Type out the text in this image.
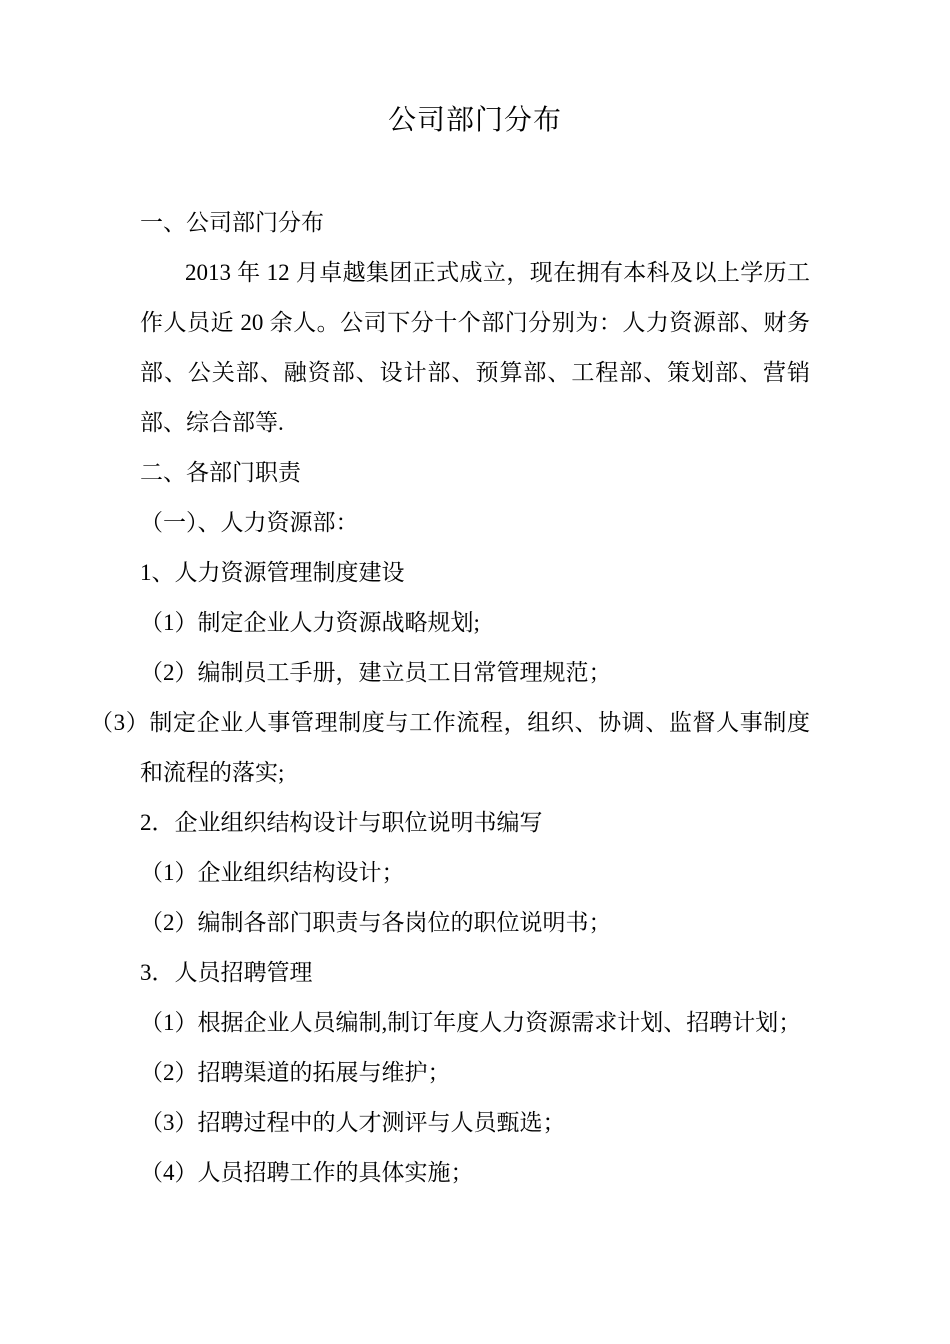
公司部门分布

一、公司部门分布

2013 年 12 月卓越集团正式成立，现在拥有本科及以上学历工作人员近 20 余人。公司下分十个部门分别为：人力资源部、财务部、公关部、融资部、设计部、预算部、工程部、策划部、营销部、综合部等.

二、各部门职责

（一）、人力资源部：

1、人力资源管理制度建设

（1）制定企业人力资源战略规划;

（2）编制员工手册，建立员工日常管理规范；

（3）制定企业人事管理制度与工作流程，组织、协调、监督人事制度和流程的落实;

2．企业组织结构设计与职位说明书编写

（1）企业组织结构设计；

（2）编制各部门职责与各岗位的职位说明书；

3．人员招聘管理

（1）根据企业人员编制,制订年度人力资源需求计划、招聘计划；

（2）招聘渠道的拓展与维护；

（3）招聘过程中的人才测评与人员甄选；

（4）人员招聘工作的具体实施；
